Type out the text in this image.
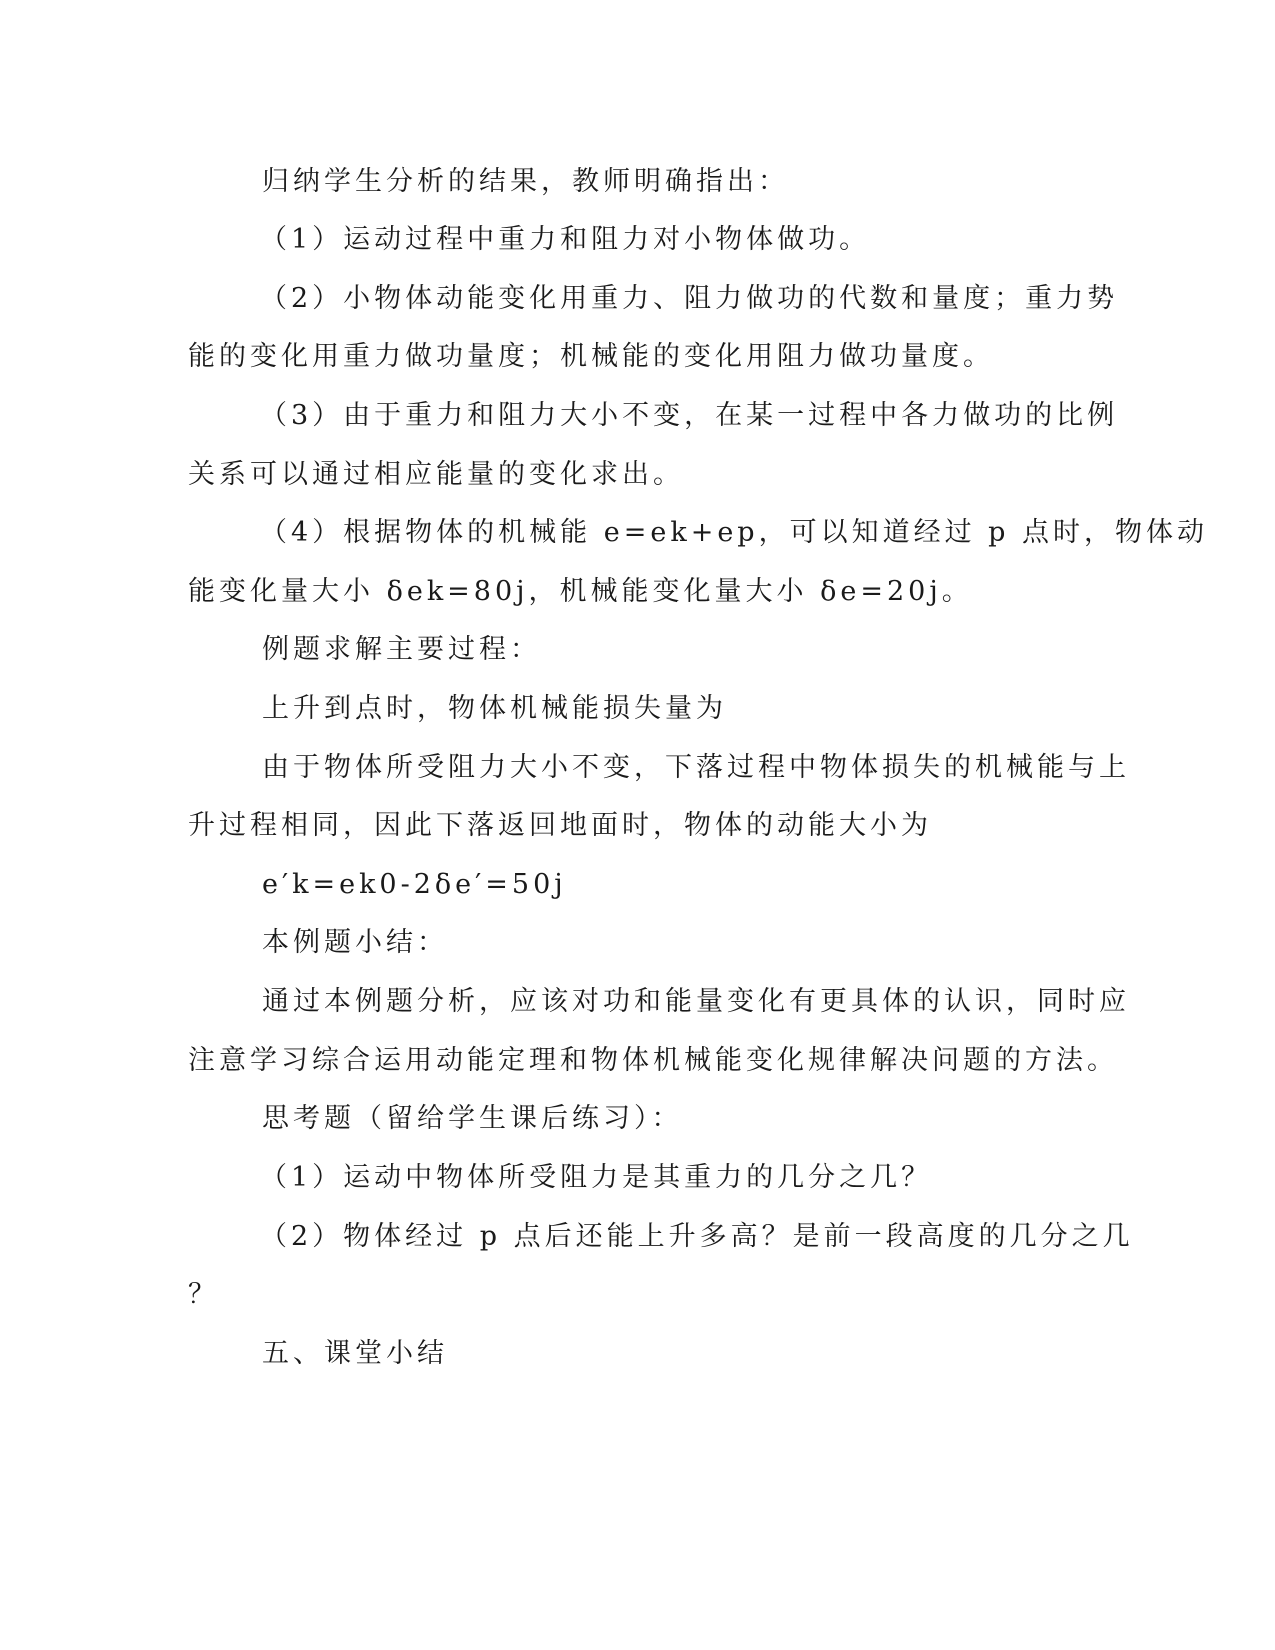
归纳学生分析的结果，教师明确指出：
（1）运动过程中重力和阻力对小物体做功。
（2）小物体动能变化用重力、阻力做功的代数和量度；重力势
能的变化用重力做功量度；机械能的变化用阻力做功量度。
（3）由于重力和阻力大小不变，在某一过程中各力做功的比例
关系可以通过相应能量的变化求出。
（4）根据物体的机械能 e=ek+ep，可以知道经过 p 点时，物体动
能变化量大小 δek=80j，机械能变化量大小 δe=20j。
例题求解主要过程：
上升到点时，物体机械能损失量为
由于物体所受阻力大小不变，下落过程中物体损失的机械能与上
升过程相同，因此下落返回地面时，物体的动能大小为
e′k=ek0-2δe′=50j
本例题小结：
通过本例题分析，应该对功和能量变化有更具体的认识，同时应
注意学习综合运用动能定理和物体机械能变化规律解决问题的方法。
思考题（留给学生课后练习）：
（1）运动中物体所受阻力是其重力的几分之几？
（2）物体经过 p 点后还能上升多高？是前一段高度的几分之几
？
五、课堂小结
